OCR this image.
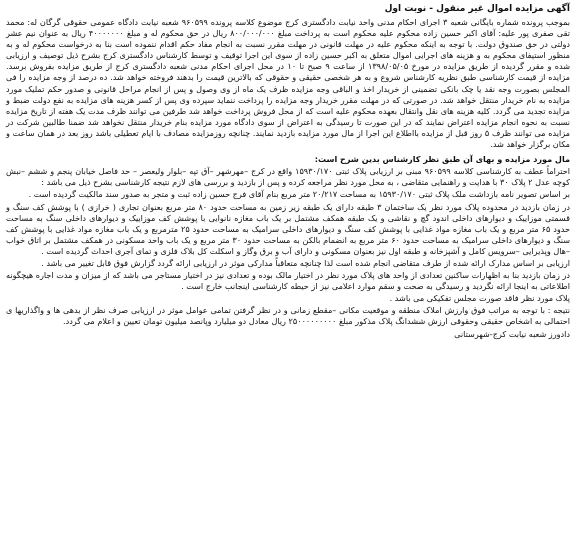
آگهی مزایده اموال غیر منقول - نوبت اول

بموجب پرونده شماره بایگانی شعبه ۳ اجرای احکام مدنی واحد نیابت دادگستری کرج موضوع کلاسه پرونده ۹۶۰۵۹۹ شعبه نیابت دادگاه عمومی حقوقی گرگان له: محمد تقی صفری پور علیه: آقای اکبر حسین زاده محکوم علیه محکوم است به پرداخت مبلغ ۸۰۰/۰۰۰/۰۰۰ ریال در حق محکوم له و مبلغ ۴۰۰۰۰۰۰۰ ریال به عنوان نیم عشر دولتی در حق صندوق دولت. با توجه به اینکه محکوم علیه در مهلت قانونی در مهلت مقرر نسبت به انجام مفاد حکم اقدام ننموده است بنا به درخواست محکوم له و به منظور استیفای محکوم به و هزینه های اجرایی اموال متعلق به اکبر حسین زاده از سوی این اجرا توقیف و توسط کارشناس دادگستری کرج بشرح ذیل توصیف و ارزیابی شده و مقرر گردیده از طریق مزایده در مورخ ۱۳۹۸/۰۵/۰۵ از ساعت ۹ صبح تا ۱۰ در محل اجرای احکام مدنی شعبه دادگستری کرج از طریق مزایده بفروش برسد. مزایده از قیمت کارشناسی طبق نظریه کارشناس شروع و به هر شخصی حقیقی و حقوقی که بالاترین قیمت را بدهند فروخته خواهد شد. ده درصد از وجه مزایده را فی المجلس بصورت وجه نقد یا چک بانکی تضمینی از خریدار اخذ و الباقی وجه مزایده ظرف یک ماه از وی وصول و پس از انجام مراحل قانونی و صدور حکم تملیک مورد مزایده به نام خریدار منتقل خواهد شد. در صورتی که در مهلت مقرر خریدار وجه مزایده را پرداخت ننماید سپرده وی پس از کسر هزینه های مزایده به نفع دولت ضبط و مزایده تجدید می گردد. کلیه هزینه های نقل وانتقال بعهده محکوم علیه است که از محل فروش پرداخت خواهد شد طرفین می توانند ظرف مدت یک هفته از تاریخ مزایده نسبت به نحوه انجام مزایده اعتراض نمایند که در این صورت تا رسیدگی به اعتراض از سوی دادگاه مورد مزایده بنام خریدار منتقل نخواهد شد ضمنا طالبین شرکت در مزایده می توانند ظرف ۵ روز قبل از مزایده بااطلاع این اجرا از مال مورد مزایده بازدید نمایند. چنانچه روزمزایده مصادف با ایام تعطیلی باشد روز بعد در همان ساعت و مکان برگزار خواهد شد.

مال مورد مزایده و بهای آن طبق نظر کارشناس بدین شرح است:

احتراماً عطف به کارشناسی کلاسه ۹۶۰۵۹۹ مبنی بر ارزیابی پلاک ثبتی ۱۵۹۳۰/۱۷۰ واقع در کرج –مهرشهر –آق تپه –بلوار ولیعصر – حد فاصل خیابان پنجم و ششم –نبش کوچه عدل ۲ پلاک ۳۰ با هدایت و راهنمایی متقاضی ، به محل مورد نظر مراجعه کرده و پس از بازدید و بررسی های لازم نتیجه کارشناسی بشرح ذیل می باشد :

بر اساس تصویر نامه بازداشت ملک پلاک ثبتی ۱۵۹۳۰/۱۷۰ به مساحت ۲۰/۲۱۷ متر مربع بنام آقای فرج حسین زاده ثبت و متجر به صدور سند مالکیت گردیده است .

در زمان بازدید در محدوده پلاک مورد نظر یک ساختمان ۳ طبقه دارای یک طبقه زیر زمین به مساحت حدود ۸۰ متر مربع بعنوان تجاری ( خرازی ) با پوشش کف سنگ و قسمتی موزاییک و دیوارهای داخلی اندود گچ و نقاشی و یک طبقه همکف مشتمل بر یک باب مغازه نانوایی با پوشش کف موزاییک و دیوارهای داخلی سنگ به مساحت حدود ۶۵ متر مربع و یک باب مغازه مواد غذایی با پوشش کف سنگ و دیوارهای داخلی سرامیک به مساحت حدود ۲۵ مترمربع و یک باب مغازه مواد غذایی با پوشش کف سنگ و دیوارهای داخلی سرامیک به مساحت حدود ۶۰ متر مربع به انضمام بالکن به مساحت حدود ۳۰ متر مربع و یک باب واحد مسکونی در همکف مشتمل بر اتاق خواب –هال وپذیرایی –سرویس کامل و آشپزخانه و طبقه اول نیز بعنوان مسکونی و دارای آب و برق وگاز و اسکلت کل بلاک فلزی و تمای آجری احداث گردیده است .

ارزیابی بر اساس مدارک ارائه شده از طرف متقاضی انجام شده است لذا چنانچه متعاقباً مدارکی موثر در ارزیابی ارائه گردد گزارش فوق قابل تغییر می باشد .

در زمان بازدید بنا به اظهارات ساکنین تعدادی از واحد های پلاک مورد نظر در اختیار مالک بوده و تعدادی نیز در اختیار مستاجر می باشد که از میزان و مدت اجاره هیچگونه اطلاعاتی به اینجا ارائه نگردید و رسیدگی به صحت و سقم موارد اعلامی نیز از حیطه کارشناسی اینجانب خارج است .

پلاک مورد نظر فاقد صورت مجلس تفکیکی می باشد .

نتیجه : با توجه به مراتب فوق وارزش املاک منطقه و موقعیت مکانی –مقطع زمانی و در نظر گرفتن تمامی عوامل موثر در ارزیابی صرف نظر از بدهی ها و واگذاریها ی احتمالی به اشخاص حقیقی وحقوقی ارزش ششدانگ پلاک مذکور مبلغ ۲۵۰۰۰۰۰۰۰۰۰ ریال معادل دو میلیارد وپانصد میلیون تومان تعیین و اعلام می گردد.

دادورز شعبه نیابت کرج-شهرستانی
